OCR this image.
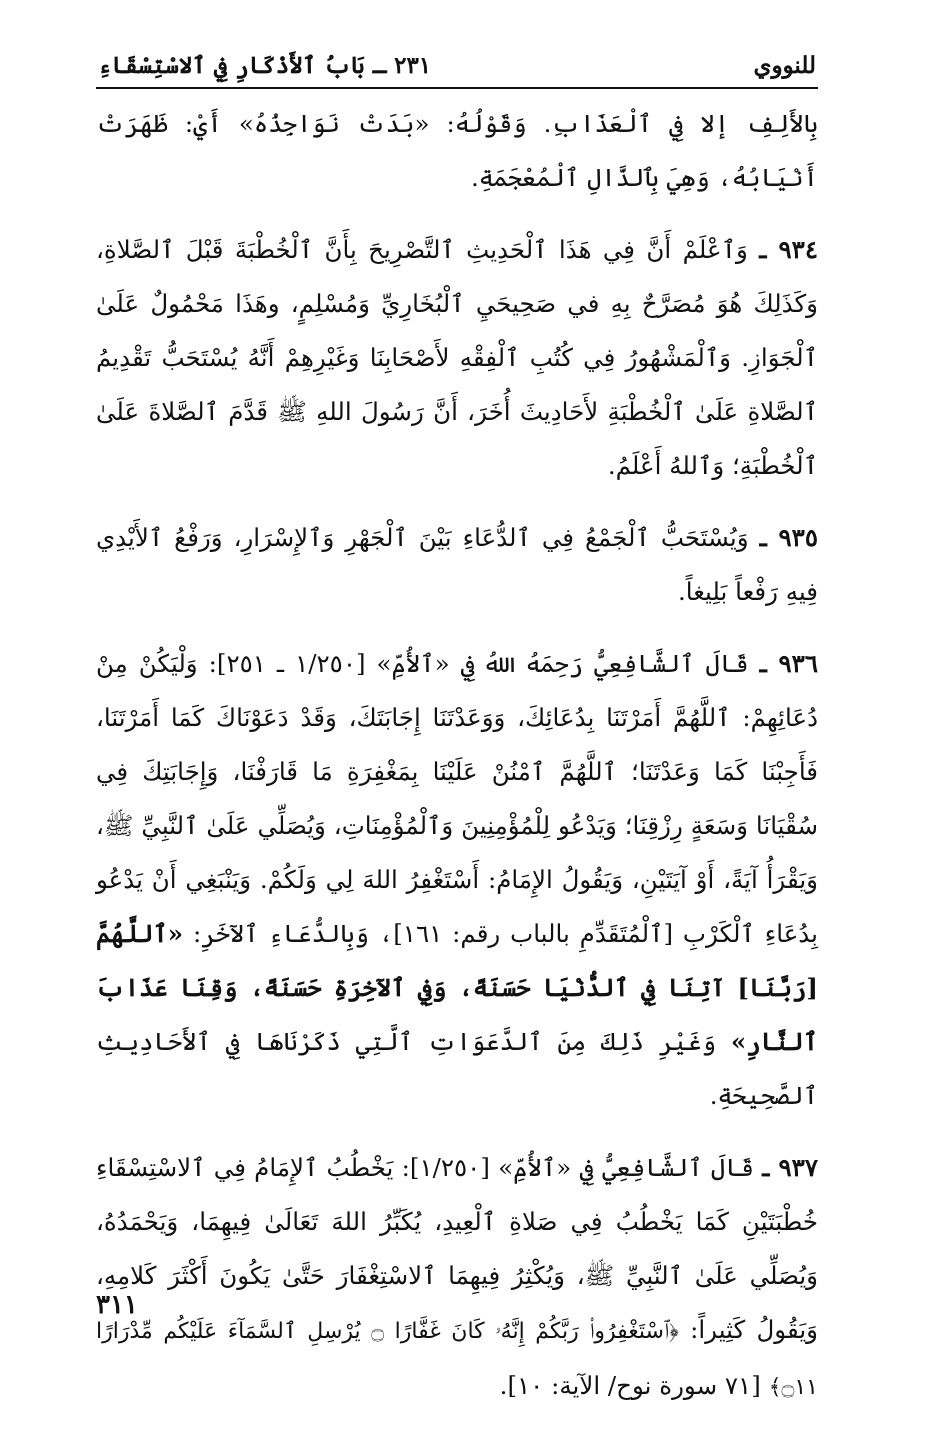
للنووي
٢٣١ ـ بَابُ ٱلأَذْكَارِ فِي ٱلاسْتِسْقَاءِ

بِالأَلِفِ إلا فِي ٱلْعَذَابِ. وَقَوْلُهُ: «بَدَتْ نَوَاجِذُهُ» أَيْ: ظَهَرَتْ أَنْيَابُهُ، وَهِيَ بِٱلذَّالِ ٱلْمُعْجَمَةِ.

٩٣٤ ـ وَٱعْلَمْ أَنَّ فِي هَذَا ٱلْحَدِيثِ ٱلتَّصْرِيحَ بِأَنَّ ٱلْخُطْبَةَ قَبْلَ ٱلصَّلاةِ، وَكَذَلِكَ هُوَ مُصَرَّحٌ بِهِ في صَحِيحَيِ ٱلْبُخَارِيِّ وَمُسْلِمٍ، وهَذَا مَحْمُولٌ عَلَىٰ ٱلْجَوَازِ. وَٱلْمَشْهُورُ فِي كُتُبِ ٱلْفِقْهِ لأَصْحَابِنَا وَغَيْرِهِمْ أَنَّهُ يُسْتَحَبُّ تَقْدِيمُ ٱلصَّلاةِ عَلَىٰ ٱلْخُطْبَةِ لأَحَادِيثَ أُخَرَ، أَنَّ رَسُولَ اللهِ ﷺ قَدَّمَ ٱلصَّلاةَ عَلَىٰ ٱلْخُطْبَةِ؛ وَٱللهُ أَعْلَمُ.

٩٣٥ ـ وَيُسْتَحَبُّ ٱلْجَمْعُ فِي ٱلدُّعَاءِ بَيْنَ ٱلْجَهْرِ وَٱلإِسْرَارِ، وَرَفْعُ ٱلأَيْدِي فِيهِ رَفْعاً بَلِيغاً.

٩٣٦ ـ قَالَ ٱلشَّافِعِيُّ رَحِمَهُ اللهُ فِي «ٱلأُمِّ» [١/٢٥٠ ـ ٢٥١]: وَلْيَكُنْ مِنْ دُعَائِهِمْ: ٱللَّهُمَّ أَمَرْتَنَا بِدُعَائِكَ، وَوَعَدْتَنَا إِجَابَتَكَ، وَقَدْ دَعَوْنَاكَ كَمَا أَمَرْتَنَا، فَأَجِبْنَا كَمَا وَعَدْتَنَا؛ ٱللَّهُمَّ ٱمْنُنْ عَلَيْنَا بِمَغْفِرَةِ مَا قَارَفْنَا، وَإِجَابَتِكَ فِي سُقْيَانَا وَسَعَةٍ رِزْقِنَا؛ وَيَدْعُو لِلْمُؤْمِنِينَ وَٱلْمُؤْمِنَاتِ، وَيُصَلِّي عَلَىٰ ٱلنَّبِيِّ ﷺ، وَيَقْرَأُ آيَةً، أَوْ آيَتَيْنِ، وَيَقُولُ الإِمَامُ: أَسْتَغْفِرُ اللهَ لِي وَلَكُمْ. وَيَنْبَغِي أَنْ يَدْعُو بِدُعَاءِ ٱلْكَرْبِ [ٱلْمُتَقَدِّمِ بالباب رقم: ١٦١]، وَبِالدُّعَاءِ ٱلآخَرِ: «ٱللَّهُمَّ [رَبَّنَا] آتِنَا فِي ٱلدُّنْيَا حَسَنَةً، وَفِي ٱلآخِرَةِ حَسَنَةً، وَقِنَا عَذَابَ ٱلنَّارِ» وَغَيْرِ ذَلِكَ مِنَ ٱلدَّعَوَاتِ ٱلَّتِي ذَكَرْنَاهَا فِي ٱلأَحَادِيثِ ٱلصَّحِيحَةِ.

٩٣٧ ـ قَالَ ٱلشَّافِعِيُّ فِي «ٱلأُمِّ» [١/٢٥٠]: يَخْطُبُ ٱلإِمَامُ فِي ٱلاسْتِسْقَاءِ خُطْبَتَيْنِ كَمَا يَخْطُبُ فِي صَلاةِ ٱلْعِيدِ، يُكَبِّرُ اللهَ تَعَالَىٰ فِيهِمَا، وَيَحْمَدُهُ، وَيُصَلِّي عَلَىٰ ٱلنَّبِيِّ ﷺ، وَيُكْثِرُ فِيهِمَا ٱلاسْتِغْفَارَ حَتَّىٰ يَكُونَ أَكْثَرَ كَلامِهِ، وَيَقُولُ كَثِيراً: ﴿ٱسْتَغْفِرُوا۟ رَبَّكُمْ إِنَّهُۥ كَانَ غَفَّارًا ۝ يُرْسِلِ ٱلسَّمَآءَ عَلَيْكُم مِّدْرَارًا ۝١١﴾ [٧١ سورة نوح/ الآية: ١٠].

٣١١
